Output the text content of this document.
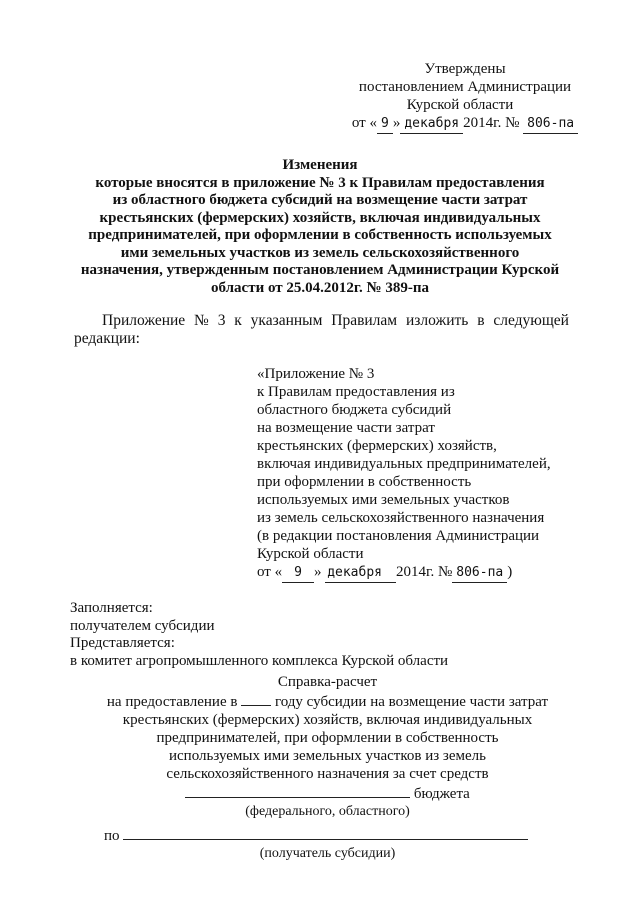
Утверждены
постановлением Администрации
Курской области
от « 9 » декабря 2014г. № 806-па
Изменения
которые вносятся в приложение № 3 к Правилам предоставления
из областного бюджета субсидий на возмещение части затрат
крестьянских (фермерских) хозяйств, включая индивидуальных
предпринимателей, при оформлении в собственность используемых
ими земельных участков из земель сельскохозяйственного
назначения, утвержденным постановлением Администрации Курской
области от 25.04.2012г. № 389-па
Приложение № 3 к указанным Правилам изложить в следующей
редакции:
«Приложение № 3
к Правилам предоставления из
областного бюджета субсидий
на возмещение части затрат
крестьянских (фермерских) хозяйств,
включая индивидуальных предпринимателей,
при оформлении в собственность
используемых ими земельных участков
из земель сельскохозяйственного назначения
(в редакции постановления Администрации
Курской области
от « 9 » декабря 2014г. № 806-па )
Заполняется:
получателем субсидии
Представляется:
в комитет агропромышленного комплекса Курской области
Справка-расчет
на предоставление в	году субсидии на возмещение части затрат
крестьянских (фермерских) хозяйств, включая индивидуальных
предпринимателей, при оформлении в собственность
используемых ими земельных участков из земель
сельскохозяйственного назначения за счет средств
бюджета
(федерального, областного)
по
(получатель субсидии)
